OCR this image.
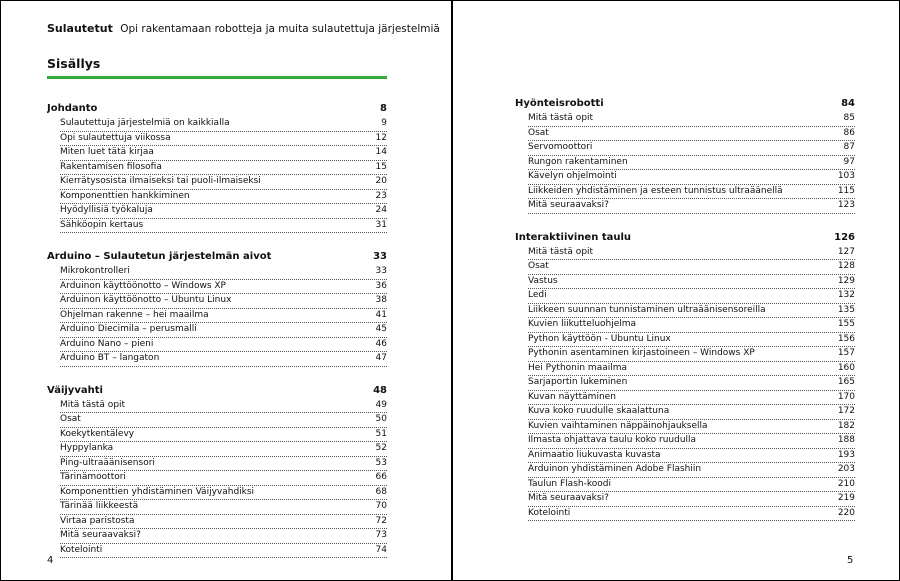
Sulautetut Opi rakentamaan robotteja ja muita sulautettuja järjestelmiä
Sisällys
Johdanto	8
Sulautettuja järjestelmiä on kaikkialla	9
Opi sulautettuja viikossa	12
Miten luet tätä kirjaa	14
Rakentamisen filosofia	15
Kierrätysosista ilmaiseksi tai puoli-ilmaiseksi	20
Komponenttien hankkiminen	23
Hyödyllisiä työkaluja	24
Sähköopin kertaus	31
Arduino – Sulautetun järjestelmän aivot	33
Mikrokontrolleri	33
Arduinon käyttöönotto – Windows XP	36
Arduinon käyttöönotto – Ubuntu Linux	38
Ohjelman rakenne – hei maailma	41
Arduino Diecimila – perusmalli	45
Arduino Nano – pieni	46
Arduino BT – langaton	47
Väijyvahti	48
Mitä tästä opit	49
Osat	50
Koekytkentälevy	51
Hyppylanka	52
Ping-ultraäänisensori	53
Tärinämoottori	66
Komponenttien yhdistäminen Väijyvahdiksi	68
Tärinää liikkeestä	70
Virtaa paristosta	72
Mitä seuraavaksi?	73
Kotelointi	74
4
Hyönteisrobotti	84
Mitä tästä opit	85
Osat	86
Servomoottori	87
Rungon rakentaminen	97
Kävelyn ohjelmointi	103
Liikkeiden yhdistäminen ja esteen tunnistus ultraäänellä	115
Mitä seuraavaksi?	123
Interaktiivinen taulu	126
Mitä tästä opit	127
Osat	128
Vastus	129
Ledi	132
Liikkeen suunnan tunnistaminen ultraäänisensoreilla	135
Kuvien liikutteluohjelma	155
Python käyttöön - Ubuntu Linux	156
Pythonin asentaminen kirjastoineen – Windows XP	157
Hei Pythonin maailma	160
Sarjaportin lukeminen	165
Kuvan näyttäminen	170
Kuva koko ruudulle skaalattuna	172
Kuvien vaihtaminen näppäinohjauksella	182
Ilmasta ohjattava taulu koko ruudulla	188
Animaatio liukuvasta kuvasta	193
Arduinon yhdistäminen Adobe Flashiin	203
Taulun Flash-koodi	210
Mitä seuraavaksi?	219
Kotelointi	220
5
